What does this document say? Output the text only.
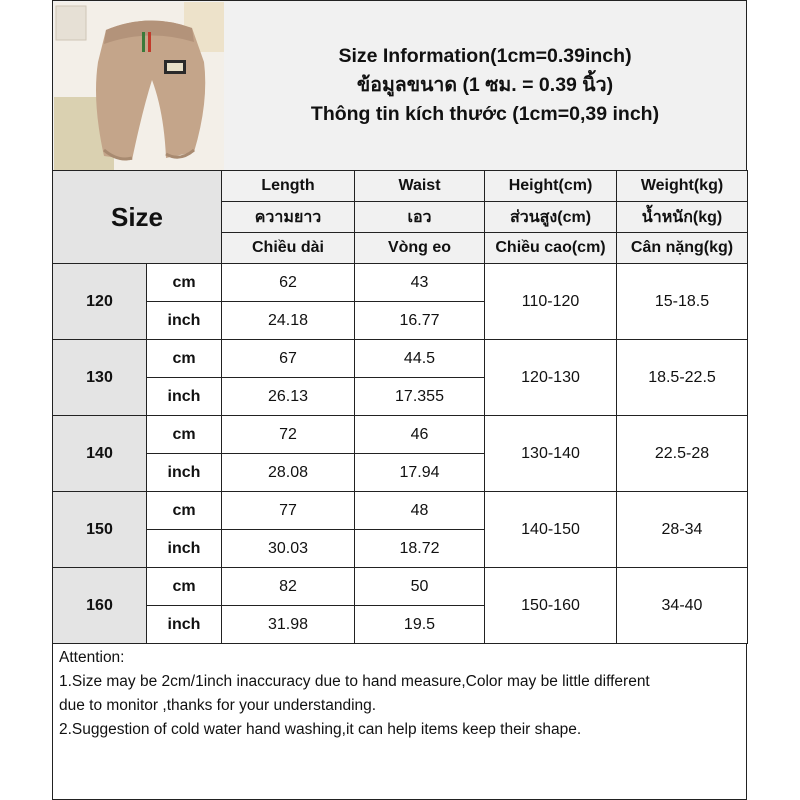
Size Information(1cm=0.39inch)
ข้อมูลขนาด (1 ซม. = 0.39 นิ้ว)
Thông tin kích thước (1cm=0,39 inch)
Size		Length	Waist	Height(cm)	Weight(kg)
		ความยาว	เอว	ส่วนสูง(cm)	น้ำหนัก(kg)
		Chiều dài	Vòng eo	Chiều cao(cm)	Cân nặng(kg)
120	cm	62	43	110-120	15-18.5
	inch	24.18	16.77		
130	cm	67	44.5	120-130	18.5-22.5
	inch	26.13	17.355		
140	cm	72	46	130-140	22.5-28
	inch	28.08	17.94		
150	cm	77	48	140-150	28-34
	inch	30.03	18.72		
160	cm	82	50	150-160	34-40
	inch	31.98	19.5		
Attention:
1.Size may be 2cm/1inch inaccuracy due to hand measure,Color may be little different
due to monitor ,thanks for your understanding.
2.Suggestion of cold water hand washing,it can help items keep their shape.
